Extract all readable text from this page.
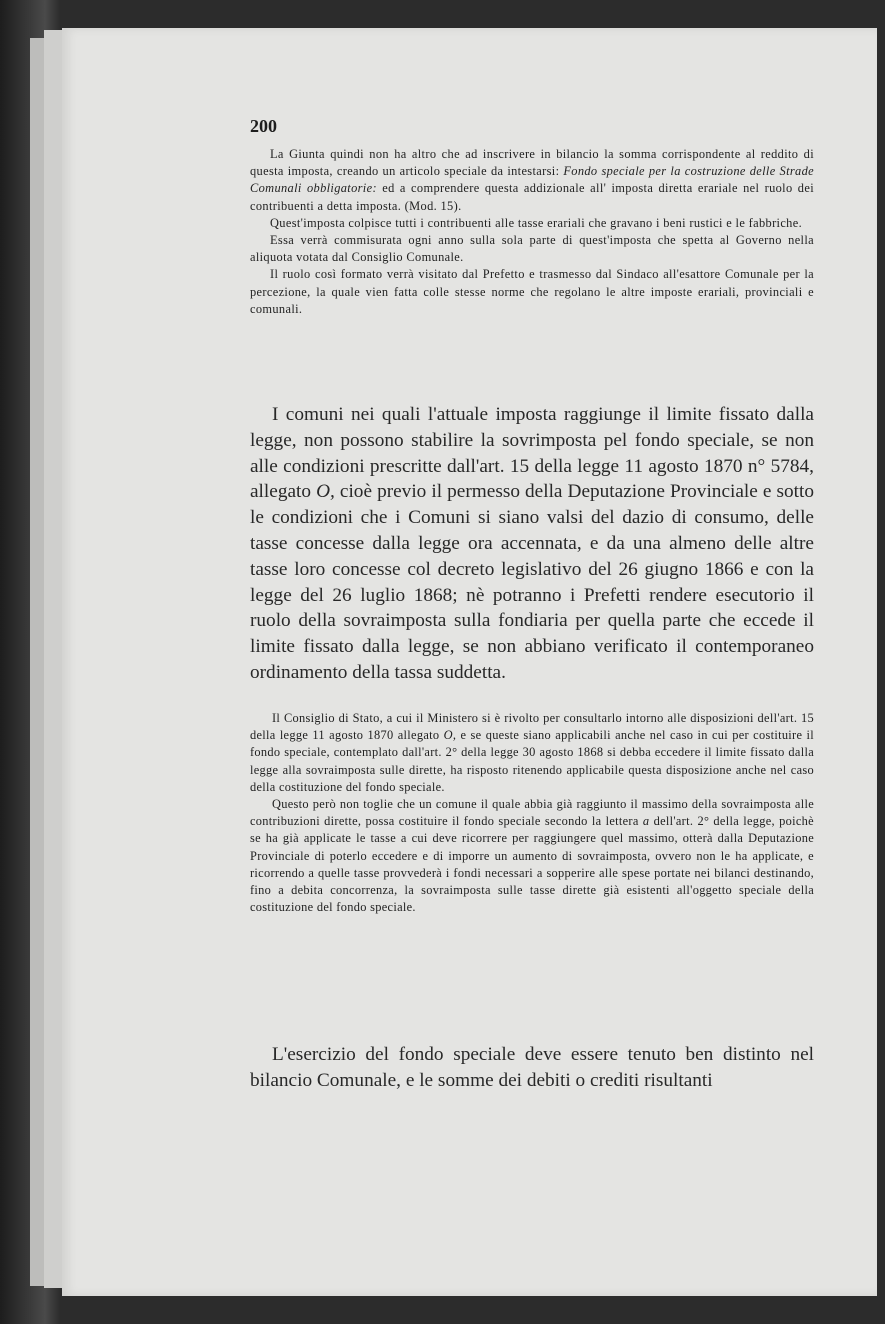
200

La Giunta quindi non ha altro che ad inscrivere in bilancio la somma corrispondente al reddito di questa imposta, creando un articolo speciale da intestarsi: Fondo speciale per la costruzione delle Strade Comunali obbligatorie: ed a comprendere questa addizionale all' imposta diretta erariale nel ruolo dei contribuenti a detta imposta. (Mod. 15).

Quest'imposta colpisce tutti i contribuenti alle tasse erariali che gravano i beni rustici e le fabbriche.

Essa verrà commisurata ogni anno sulla sola parte di quest'imposta che spetta al Governo nella aliquota votata dal Consiglio Comunale.

Il ruolo così formato verrà visitato dal Prefetto e trasmesso dal Sindaco all'esattore Comunale per la percezione, la quale vien fatta colle stesse norme che regolano le altre imposte erariali, provinciali e comunali.

I comuni nei quali l'attuale imposta raggiunge il limite fissato dalla legge, non possono stabilire la sovrimposta pel fondo speciale, se non alle condizioni prescritte dall'art. 15 della legge 11 agosto 1870 n° 5784, allegato O, cioè previo il permesso della Deputazione Provinciale e sotto le condizioni che i Comuni si siano valsi del dazio di consumo, delle tasse concesse dalla legge ora accennata, e da una almeno delle altre tasse loro concesse col decreto legislativo del 26 giugno 1866 e con la legge del 26 luglio 1868; nè potranno i Prefetti rendere esecutorio il ruolo della sovraimposta sulla fondiaria per quella parte che eccede il limite fissato dalla legge, se non abbiano verificato il contemporaneo ordinamento della tassa suddetta.

Il Consiglio di Stato, a cui il Ministero si è rivolto per consultarlo intorno alle disposizioni dell'art. 15 della legge 11 agosto 1870 allegato O, e se queste siano applicabili anche nel caso in cui per costituire il fondo speciale, contemplato dall'art. 2° della legge 30 agosto 1868 si debba eccedere il limite fissato dalla legge alla sovraimposta sulle dirette, ha risposto ritenendo applicabile questa disposizione anche nel caso della costituzione del fondo speciale.

Questo però non toglie che un comune il quale abbia già raggiunto il massimo della sovraimposta alle contribuzioni dirette, possa costituire il fondo speciale secondo la lettera a dell'art. 2° della legge, poichè se ha già applicate le tasse a cui deve ricorrere per raggiungere quel massimo, otterà dalla Deputazione Provinciale di poterlo eccedere e di imporre un aumento di sovraimposta, ovvero non le ha applicate, e ricorrendo a quelle tasse provvederà i fondi necessari a sopperire alle spese portate nei bilanci destinando, fino a debita concorrenza, la sovraimposta sulle tasse dirette già esistenti all'oggetto speciale della costituzione del fondo speciale.

L'esercizio del fondo speciale deve essere tenuto ben distinto nel bilancio Comunale, e le somme dei debiti o crediti risultanti
